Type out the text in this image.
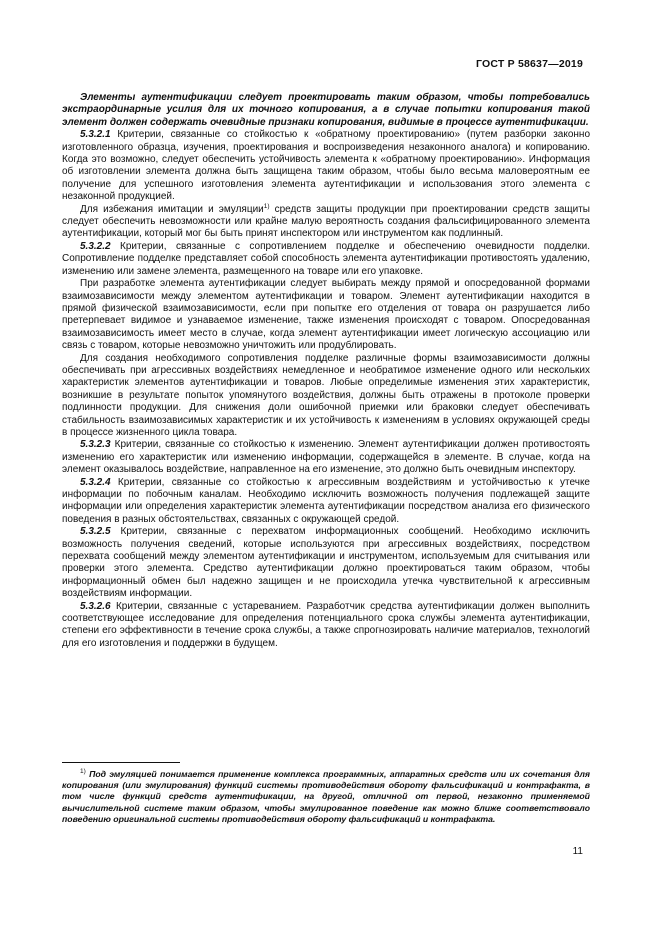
ГОСТ Р 58637—2019

Элементы аутентификации следует проектировать таким образом, чтобы потребовались экстраординарные усилия для их точного копирования, а в случае попытки копирования такой элемент должен содержать очевидные признаки копирования, видимые в процессе аутентификации.

5.3.2.1 Критерии, связанные со стойкостью к «обратному проектированию» (путем разборки законно изготовленного образца, изучения, проектирования и воспроизведения незаконного аналога) и копированию. Когда это возможно, следует обеспечить устойчивость элемента к «обратному проектированию». Информация об изготовлении элемента должна быть защищена таким образом, чтобы было весьма маловероятным ее получение для успешного изготовления элемента аутентификации и использования этого элемента с незаконной продукцией.

Для избежания имитации и эмуляции$^{1)}$ средств защиты продукции при проектировании средств защиты следует обеспечить невозможности или крайне малую вероятность создания фальсифицированного элемента аутентификации, который мог бы быть принят инспектором или инструментом как подлинный.

5.3.2.2 Критерии, связанные с сопротивлением подделке и обеспечению очевидности подделки. Сопротивление подделке представляет собой способность элемента аутентификации противостоять удалению, изменению или замене элемента, размещенного на товаре или его упаковке.

При разработке элемента аутентификации следует выбирать между прямой и опосредованной формами взаимозависимости между элементом аутентификации и товаром. Элемент аутентификации находится в прямой физической взаимозависимости, если при попытке его отделения от товара он разрушается либо претерпевает видимое и узнаваемое изменение, также изменения происходят с товаром. Опосредованная взаимозависимость имеет место в случае, когда элемент аутентификации имеет логическую ассоциацию или связь с товаром, которые невозможно уничтожить или продублировать.

Для создания необходимого сопротивления подделке различные формы взаимозависимости должны обеспечивать при агрессивных воздействиях немедленное и необратимое изменение одного или нескольких характеристик элементов аутентификации и товаров. Любые определимые изменения этих характеристик, возникшие в результате попыток упомянутого воздействия, должны быть отражены в протоколе проверки подлинности продукции. Для снижения доли ошибочной приемки или браковки следует обеспечивать стабильность взаимозависимых характеристик и их устойчивость к изменениям в условиях окружающей среды в процессе жизненного цикла товара.

5.3.2.3 Критерии, связанные со стойкостью к изменению. Элемент аутентификации должен противостоять изменению его характеристик или изменению информации, содержащейся в элементе. В случае, когда на элемент оказывалось воздействие, направленное на его изменение, это должно быть очевидным инспектору.

5.3.2.4 Критерии, связанные со стойкостью к агрессивным воздействиям и устойчивостью к утечке информации по побочным каналам. Необходимо исключить возможность получения подлежащей защите информации или определения характеристик элемента аутентификации посредством анализа его физического поведения в разных обстоятельствах, связанных с окружающей средой.

5.3.2.5 Критерии, связанные с перехватом информационных сообщений. Необходимо исключить возможность получения сведений, которые используются при агрессивных воздействиях, посредством перехвата сообщений между элементом аутентификации и инструментом, используемым для считывания или проверки этого элемента. Средство аутентификации должно проектироваться таким образом, чтобы информационный обмен был надежно защищен и не происходила утечка чувствительной к агрессивным воздействиям информации.

5.3.2.6 Критерии, связанные с устареванием. Разработчик средства аутентификации должен выполнить соответствующее исследование для определения потенциального срока службы элемента аутентификации, степени его эффективности в течение срока службы, а также спрогнозировать наличие материалов, технологий для его изготовления и поддержки в будущем.

$^{1)}$ Под эмуляцией понимается применение комплекса программных, аппаратных средств или их сочетания для копирования (или эмулирования) функций системы противодействия обороту фальсификаций и контрафакта, в том числе функций средств аутентификации, на другой, отличной от первой, незаконно применяемой вычислительной системе таким образом, чтобы эмулированное поведение как можно ближе соответствовало поведению оригинальной системы противодействия обороту фальсификаций и контрафакта.
11
